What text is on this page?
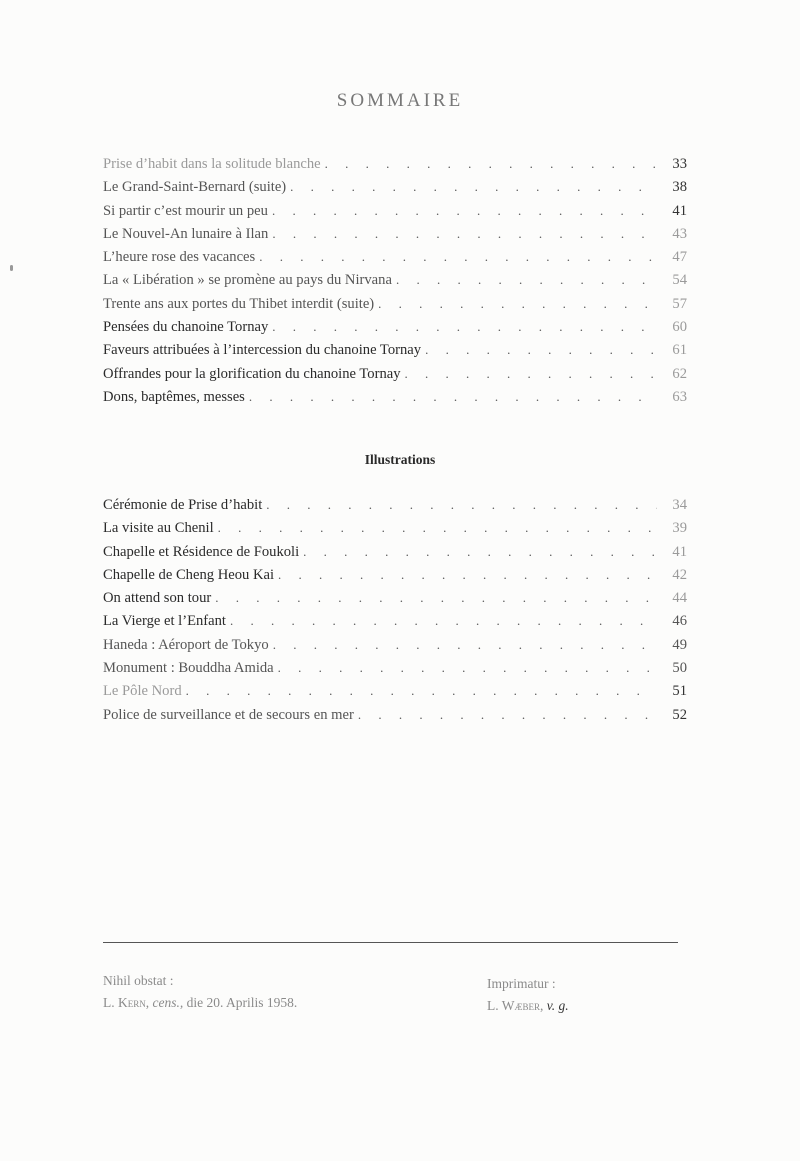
SOMMAIRE
Prise d’habit dans la solitude blanche . . .	33
Le Grand-Saint-Bernard (suite) . . .	38
Si partir c’est mourir un peu . . .	41
Le Nouvel-An lunaire à Ilan . . .	43
L’heure rose des vacances . . .	47
La « Libération » se promène au pays du Nirvana . . .	54
Trente ans aux portes du Thibet interdit (suite) . . .	57
Pensées du chanoine Tornay . . .	60
Faveurs attribuées à l’intercession du chanoine Tornay . . .	61
Offrandes pour la glorification du chanoine Tornay . . .	62
Dons, baptêmes, messes . . .	63
Illustrations
Cérémonie de Prise d’habit . . .	34
La visite au Chenil . . .	39
Chapelle et Résidence de Foukoli . . .	41
Chapelle de Cheng Heou Kai . . .	42
On attend son tour . . .	44
La Vierge et l’Enfant . . .	46
Haneda : Aéroport de Tokyo . . .	49
Monument : Bouddha Amida . . .	50
Le Pôle Nord . . .	51
Police de surveillance et de secours en mer . . .	52
Nihil obstat :
L. Kern, cens., die 20. Aprilis 1958.
Imprimatur :
L. Wæber, v. g.
